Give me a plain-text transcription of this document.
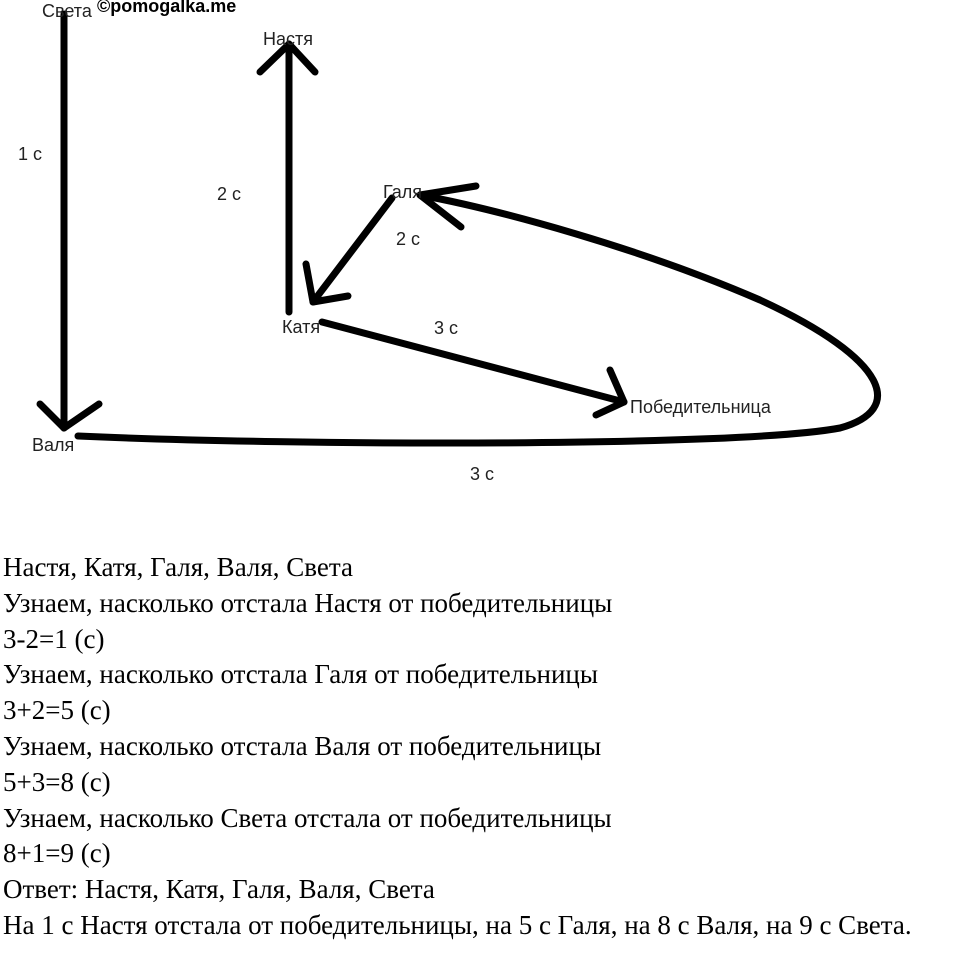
Света
Настя
Галя
Катя
Валя
Победительница
1 с
2 с
2 с
3 с
3 с
©pomogalka.me
Настя, Катя, Галя, Валя, Света
Узнаем, насколько отстала Настя от победительницы
3-2=1 (с)
Узнаем, насколько отстала Галя от победительницы
3+2=5 (с)
Узнаем, насколько отстала Валя от победительницы
5+3=8 (с)
Узнаем, насколько Света отстала от победительницы
8+1=9 (с)
Ответ: Настя, Катя, Галя, Валя, Света
На 1 с Настя отстала от победительницы, на 5 с Галя, на 8 с Валя, на 9 с Света.
